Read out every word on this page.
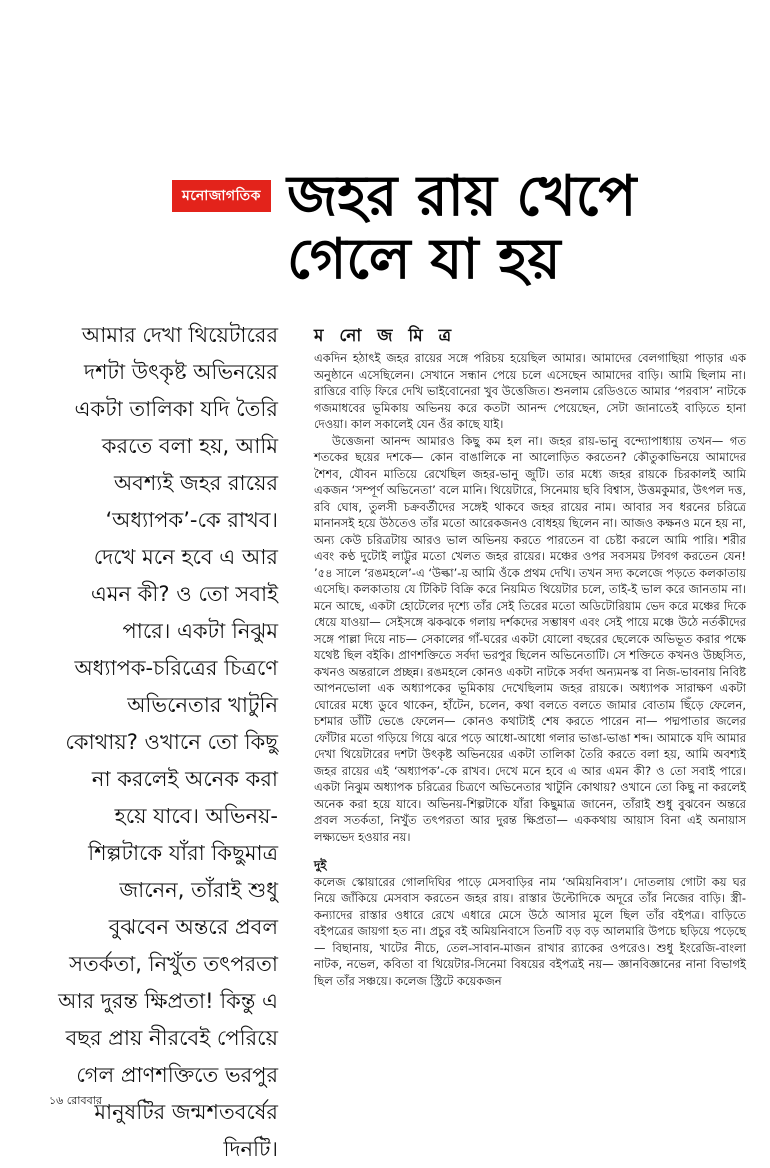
মনোজাগতিক জহর রায় খেপে
গেলে যা হয়

আমার দেখা থিয়েটারের দশটা উৎকৃষ্ট অভিনয়ের একটা তালিকা যদি তৈরি করতে বলা হয়, আমি অবশ্যই জহর রায়ের ‘অধ্যাপক’-কে রাখব। দেখে মনে হবে এ আর এমন কী? ও তো সবাই পারে। একটা নিঝুম অধ্যাপক-চরিত্রের চিত্রণে অভিনেতার খাটুনি কোথায়? ওখানে তো কিছু না করলেই অনেক করা হয়ে যাবে। অভিনয়-শিল্পটাকে যাঁরা কিছুমাত্র জানেন, তাঁরাই শুধু বুঝবেন অন্তরে প্রবল সতর্কতা, নিখুঁত তৎপরতা আর দুরন্ত ক্ষিপ্রতা! কিন্তু এ বছর প্রায় নীরবেই পেরিয়ে গেল প্রাণশক্তিতে ভরপুর মানুষটির জন্মশতবর্ষের দিনটি।

ম নো জ মি ত্র

একদিন হঠাৎই জহর রায়ের সঙ্গে পরিচয় হয়েছিল আমার। আমাদের বেলগাছিয়া পাড়ার এক অনুষ্ঠানে এসেছিলেন। সেখানে সন্ধান পেয়ে চলে এসেছেন আমাদের বাড়ি। আমি ছিলাম না। রাত্তিরে বাড়ি ফিরে দেখি ভাইবোনেরা খুব উত্তেজিত। শুনলাম রেডিওতে আমার ‘পরবাস’ নাটকে গজমাধবের ভূমিকায় অভিনয় করে কতটা আনন্দ পেয়েছেন, সেটা জানাতেই বাড়িতে হানা দেওয়া। কাল সকালেই যেন ওঁর কাছে যাই।

উত্তেজনা আনন্দ আমারও কিছু কম হল না। জহর রায়-ভানু বন্দ্যোপাধ্যায় তখন— গত শতকের ছয়ের দশকে— কোন বাঙালিকে না আলোড়িত করতেন? কৌতুকাভিনয়ে আমাদের শৈশব, যৌবন মাতিয়ে রেখেছিল জহর-ভানু জুটি। তার মধ্যে জহর রায়কে চিরকালই আমি একজন ‘সম্পূর্ণ অভিনেতা’ বলে মানি। থিয়েটারে, সিনেমায় ছবি বিশ্বাস, উত্তমকুমার, উৎপল দত্ত, রবি ঘোষ, তুলসী চক্রবর্তীদের সঙ্গেই থাকবে জহর রায়ের নাম। আবার সব ধরনের চরিত্রে মানানসই হয়ে উঠতেও তাঁর মতো আরেকজনও বোধহয় ছিলেন না। আজও কক্ষনও মনে হয় না, অন্য কেউ চরিত্রটায় আরও ভাল অভিনয় করতে পারতেন বা চেষ্টা করলে আমি পারি। শরীর এবং কণ্ঠ দুটোই লাট্টুর মতো খেলত জহর রায়ের। মঞ্চের ওপর সবসময় টগবগ করতেন যেন! ’৫৪ সালে ‘রঙমহলে’-এ ‘উল্কা’-য় আমি ওঁকে প্রথম দেখি। তখন সদ্য কলেজে পড়তে কলকাতায় এসেছি। কলকাতায় যে টিকিট বিক্রি করে নিয়মিত থিয়েটার চলে, তাই-ই ভাল করে জানতাম না। মনে আছে, একটা হোটেলের দৃশ্যে তাঁর সেই তিরের মতো অডিটোরিয়াম ভেদ করে মঞ্চের দিকে ধেয়ে যাওয়া— সেইসঙ্গে ঝকঝকে গলায় দর্শকদের সম্ভাষণ এবং সেই পায়ে মঞ্চে উঠে নর্তকীদের সঙ্গে পাল্লা দিয়ে নাচ— সেকালের গাঁ-ঘরের একটা যোলো বছরের ছেলেকে অভিভূত করার পক্ষে যথেষ্ট ছিল বইকি। প্রাণশক্তিতে সর্বদা ভরপুর ছিলেন অভিনেতাটি। সে শক্তিতে কখনও উচ্ছসিত, কখনও অন্তরালে প্রচ্ছন্ন। রঙমহলে কোনও একটা নাটকে সর্বদা অন্যমনস্ক বা নিজ-ভাবনায় নিবিষ্ট আপনভোলা এক অধ্যাপকের ভূমিকায় দেখেছিলাম জহর রায়কে। অধ্যাপক সারাক্ষণ একটা ঘোরের মধ্যে ডুবে থাকেন, হাঁটেন, চলেন, কথা বলতে বলতে জামার বোতাম ছিঁড়ে ফেলেন, চশমার ডাঁটি ভেঙে ফেলেন— কোনও কথাটাই শেষ করতে পারেন না— পদ্মপাতার জলের ফোঁটার মতো গড়িয়ে গিয়ে ঝরে পড়ে আধো-আধো গলার ভাঙা-ভাঙা শব্দ। আমাকে যদি আমার দেখা থিয়েটারের দশটা উৎকৃষ্ট অভিনয়ের একটা তালিকা তৈরি করতে বলা হয়, আমি অবশ্যই জহর রায়ের এই ‘অধ্যাপক’-কে রাখব। দেখে মনে হবে এ আর এমন কী? ও তো সবাই পারে। একটা নিঝুম অধ্যাপক চরিত্রের চিত্রণে অভিনেতার খাটুনি কোথায়? ওখানে তো কিছু না করলেই অনেক করা হয়ে যাবে। অভিনয়-শিল্পটাকে যাঁরা কিছুমাত্র জানেন, তাঁরাই শুধু বুঝবেন অন্তরে প্রবল সতর্কতা, নিখুঁত তৎপরতা আর দুরন্ত ক্ষিপ্রতা— এককথায় আয়াস বিনা এই অনায়াস লক্ষ্যভেদ হওয়ার নয়।

দুই

কলেজ স্কোয়ারের গোলদিঘির পাড়ে মেসবাড়ির নাম ‘অমিয়নিবাস’। দোতলায় গোটা কয় ঘর নিয়ে জাঁকিয়ে মেসবাস করতেন জহর রায়। রাস্তার উল্টোদিকে অদূরে তাঁর নিজের বাড়ি। স্ত্রী-কন্যাদের রাস্তার ওধারে রেখে এধারে মেসে উঠে আসার মূলে ছিল তাঁর বইপত্র। বাড়িতে বইপত্রের জায়গা হত না। প্রচুর বই অমিয়নিবাসে তিনটি বড় বড় আলমারি উপচে ছড়িয়ে পড়েছে— বিছানায়, খাটের নীচে, তেল-সাবান-মাজন রাখার র‍্যাকের ওপরেও। শুধু ইংরেজি-বাংলা নাটক, নভেল, কবিতা বা থিয়েটার-সিনেমা বিষয়ের বইপত্রই নয়— জ্ঞানবিজ্ঞানের নানা বিভাগই ছিল তাঁর সঞ্চয়ে। কলেজ স্ট্রিটে কয়েকজন

১৬ রোববার
